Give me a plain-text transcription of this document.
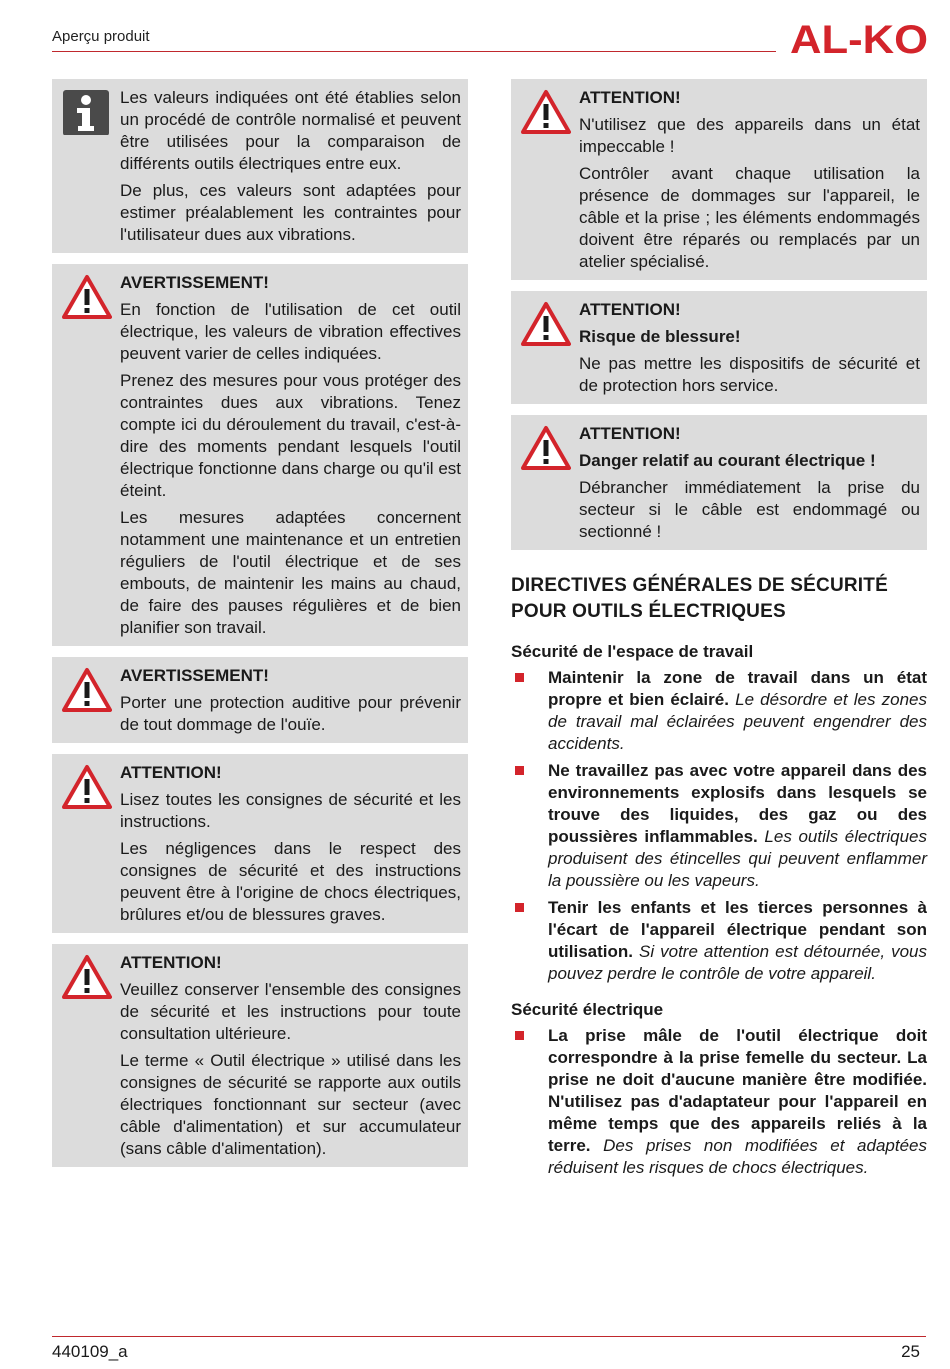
Aperçu produit	AL-KO

Les valeurs indiquées ont été établies selon un procédé de contrôle normalisé et peuvent être utilisées pour la comparaison de différents outils électriques entre eux.

De plus, ces valeurs sont adaptées pour estimer préalablement les contraintes pour l'utilisateur dues aux vibrations.

AVERTISSEMENT!

En fonction de l'utilisation de cet outil électrique, les valeurs de vibration effectives peuvent varier de celles indiquées.

Prenez des mesures pour vous protéger des contraintes dues aux vibrations. Tenez compte ici du déroulement du travail, c'est-à-dire des moments pendant lesquels l'outil électrique fonctionne dans charge ou qu'il est éteint.

Les mesures adaptées concernent notamment une maintenance et un entretien réguliers de l'outil électrique et de ses embouts, de maintenir les mains au chaud, de faire des pauses régulières et de bien planifier son travail.

AVERTISSEMENT!

Porter une protection auditive pour prévenir de tout dommage de l'ouïe.

ATTENTION!

Lisez toutes les consignes de sécurité et les instructions.

Les négligences dans le respect des consignes de sécurité et des instructions peuvent être à l'origine de chocs électriques, brûlures et/ou de blessures graves.

ATTENTION!

Veuillez conserver l'ensemble des consignes de sécurité et les instructions pour toute consultation ultérieure.

Le terme « Outil électrique » utilisé dans les consignes de sécurité se rapporte aux outils électriques fonctionnant sur secteur (avec câble d'alimentation) et sur accumulateur (sans câble d'alimentation).

ATTENTION!

N'utilisez que des appareils dans un état impeccable !

Contrôler avant chaque utilisation la présence de dommages sur l'appareil, le câble et la prise ; les éléments endommagés doivent être réparés ou remplacés par un atelier spécialisé.

ATTENTION!

Risque de blessure!

Ne pas mettre les dispositifs de sécurité et de protection hors service.

ATTENTION!

Danger relatif au courant électrique !

Débrancher immédiatement la prise du secteur si le câble est endommagé ou sectionné !

DIRECTIVES GÉNÉRALES DE SÉCURITÉ POUR OUTILS ÉLECTRIQUES
Sécurité de l'espace de travail
Maintenir la zone de travail dans un état propre et bien éclairé. Le désordre et les zones de travail mal éclairées peuvent engendrer des accidents.
Ne travaillez pas avec votre appareil dans des environnements explosifs dans lesquels se trouve des liquides, des gaz ou des poussières inflammables. Les outils électriques produisent des étincelles qui peuvent enflammer la poussière ou les vapeurs.
Tenir les enfants et les tierces personnes à l'écart de l'appareil électrique pendant son utilisation. Si votre attention est détournée, vous pouvez perdre le contrôle de votre appareil.
Sécurité électrique
La prise mâle de l'outil électrique doit correspondre à la prise femelle du secteur. La prise ne doit d'aucune manière être modifiée. N'utilisez pas d'adaptateur pour l'appareil en même temps que des appareils reliés à la terre. Des prises non modifiées et adaptées réduisent les risques de chocs électriques.
440109_a	25
